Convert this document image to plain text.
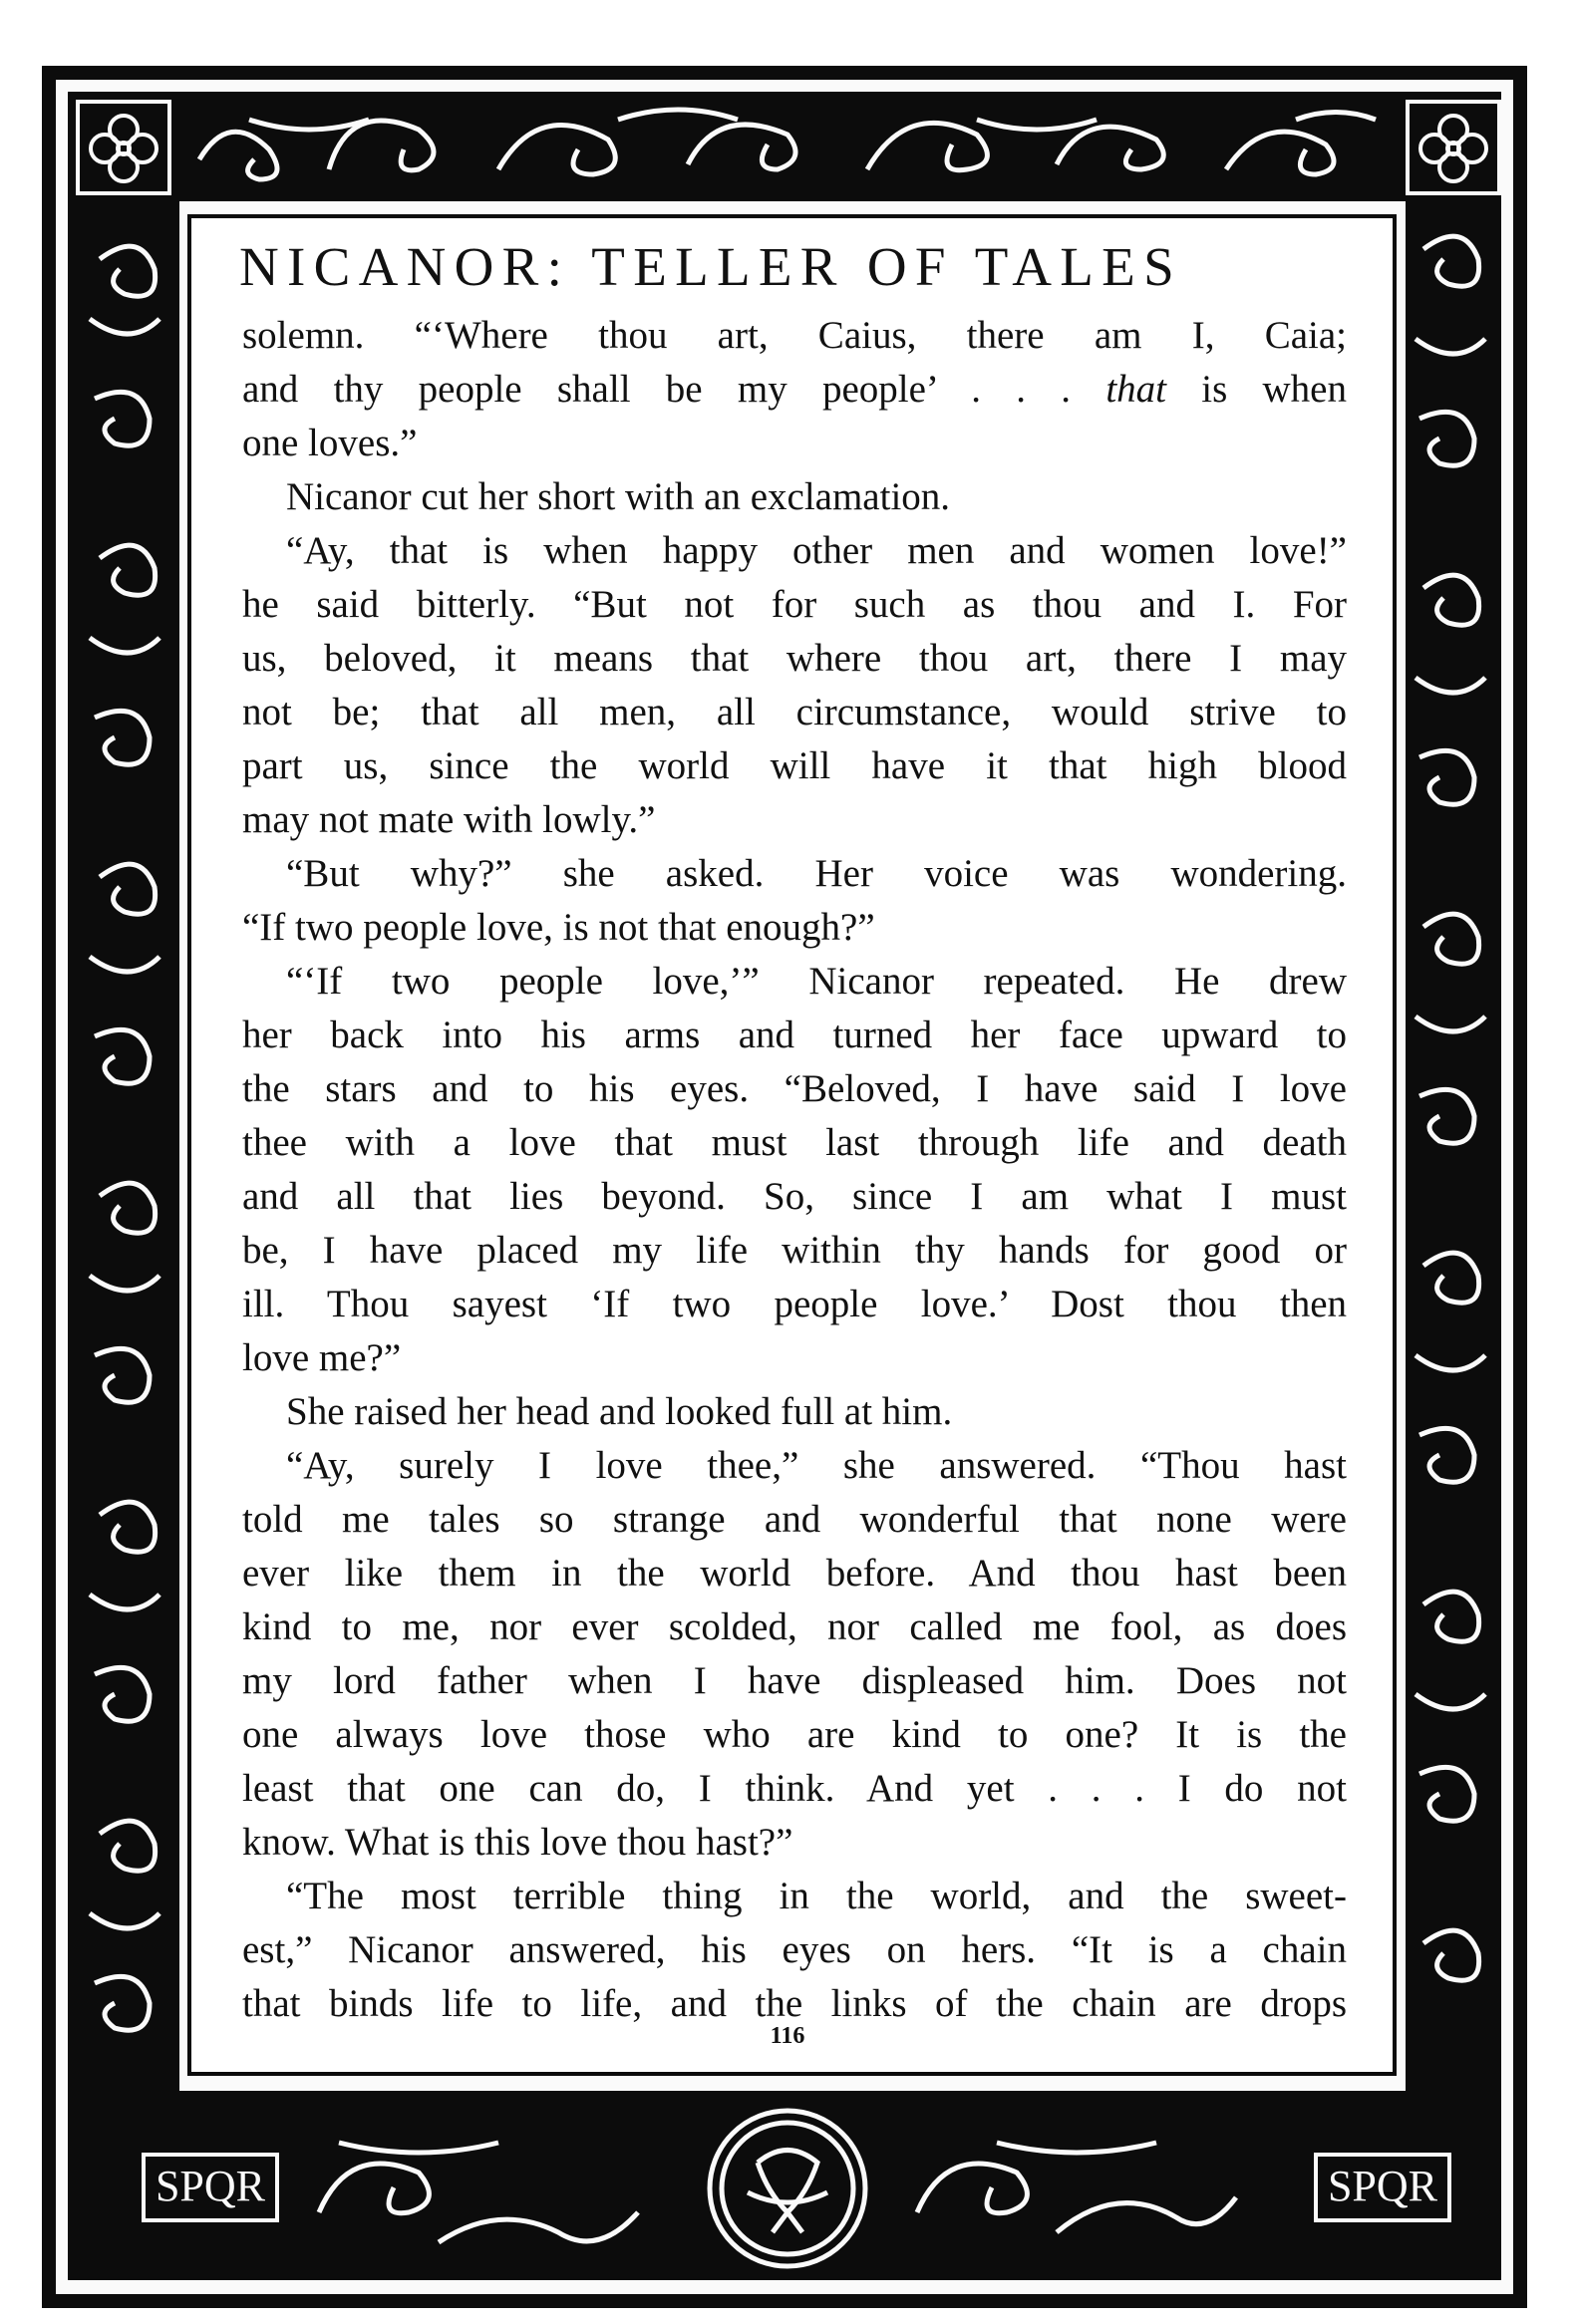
SPQR	SPQR
NICANOR: TELLER OF TALES
solemn. “‘Where thou art, Caius, there am I, Caia;
and thy people shall be my people’ . . . that is when
one loves.”
Nicanor cut her short with an exclamation.
“Ay, that is when happy other men and women love!”
he said bitterly. “But not for such as thou and I. For
us, beloved, it means that where thou art, there I may
not be; that all men, all circumstance, would strive to
part us, since the world will have it that high blood
may not mate with lowly.”
“But why?” she asked. Her voice was wondering.
“If two people love, is not that enough?”
“‘If two people love,’” Nicanor repeated. He drew
her back into his arms and turned her face upward to
the stars and to his eyes. “Beloved, I have said I love
thee with a love that must last through life and death
and all that lies beyond. So, since I am what I must
be, I have placed my life within thy hands for good or
ill. Thou sayest ‘If two people love.’ Dost thou then
love me?”
She raised her head and looked full at him.
“Ay, surely I love thee,” she answered. “Thou hast
told me tales so strange and wonderful that none were
ever like them in the world before. And thou hast been
kind to me, nor ever scolded, nor called me fool, as does
my lord father when I have displeased him. Does not
one always love those who are kind to one? It is the
least that one can do, I think. And yet . . . I do not
know. What is this love thou hast?”
“The most terrible thing in the world, and the sweet-
est,” Nicanor answered, his eyes on hers. “It is a chain
that binds life to life, and the links of the chain are drops
116
